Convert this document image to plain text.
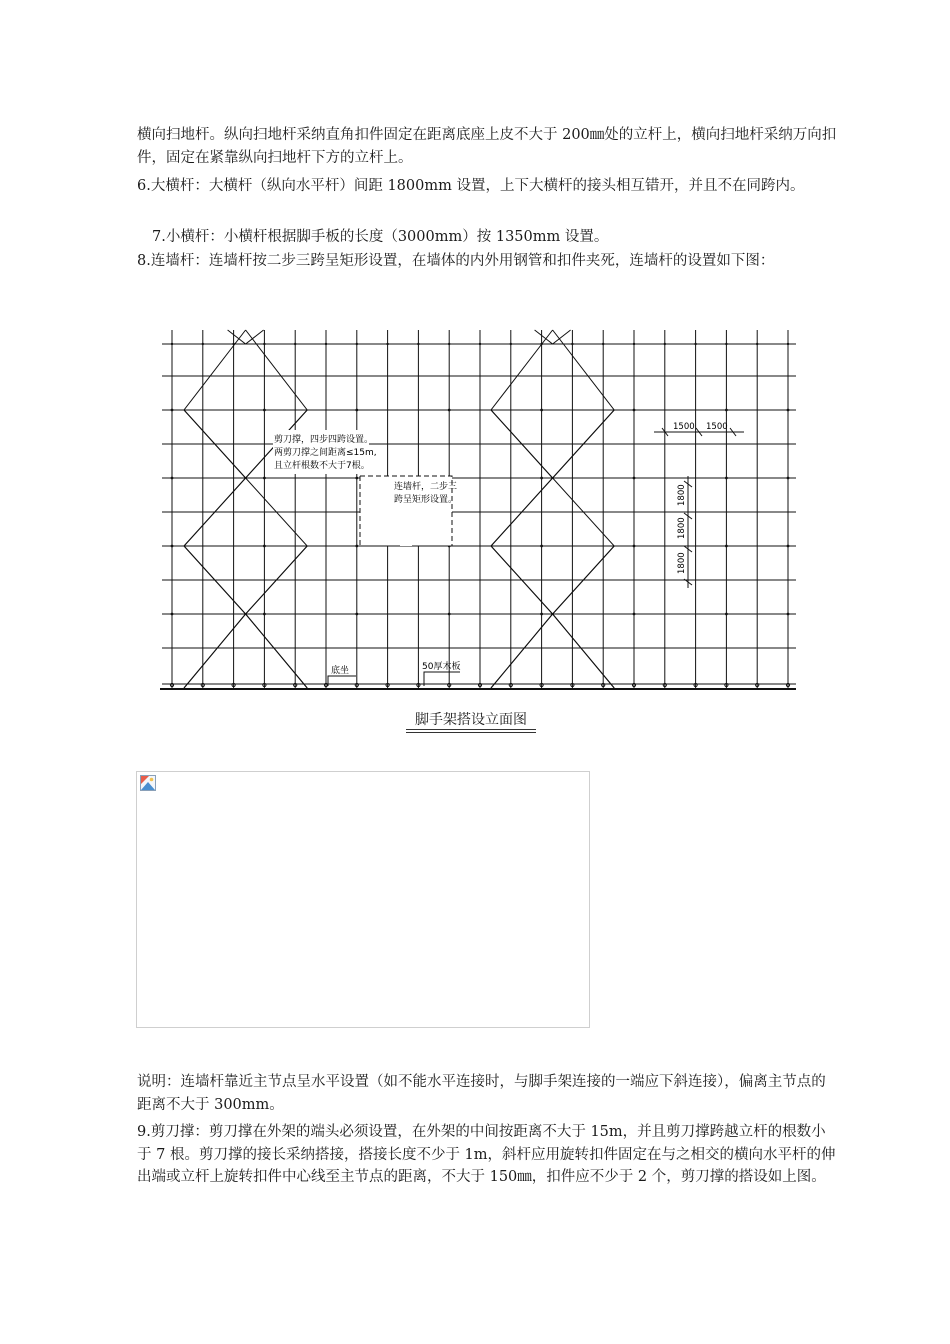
横向扫地杆。纵向扫地杆采纳直角扣件固定在距离底座上皮不大于 200㎜处的立杆上，横向扫地杆采纳万向扣件，固定在紧靠纵向扫地杆下方的立杆上。

6.大横杆：大横杆（纵向水平杆）间距 1800mm 设置，上下大横杆的接头相互错开，并且不在同跨内。

7.小横杆：小横杆根据脚手板的长度（3000mm）按 1350mm 设置。

8.连墙杆：连墙杆按二步三跨呈矩形设置，在墙体的内外用钢管和扣件夹死，连墙杆的设置如下图：

剪刀撑，四步四跨设置。
两剪刀撑之间距离≤15m,
且立杆根数不大于7根。
连墙杆，二步三
跨呈矩形设置。
1500 1500
1800
1800
1800
底坐	50厚木板
脚手架搭设立面图

说明：连墙杆靠近主节点呈水平设置（如不能水平连接时，与脚手架连接的一端应下斜连接），偏离主节点的距离不大于 300mm。

9.剪刀撑：剪刀撑在外架的端头必须设置，在外架的中间按距离不大于 15m，并且剪刀撑跨越立杆的根数小于 7 根。剪刀撑的接长采纳搭接，搭接长度不少于 1m，斜杆应用旋转扣件固定在与之相交的横向水平杆的伸出端或立杆上旋转扣件中心线至主节点的距离，不大于 150㎜，扣件应不少于 2 个，剪刀撑的搭设如上图。
